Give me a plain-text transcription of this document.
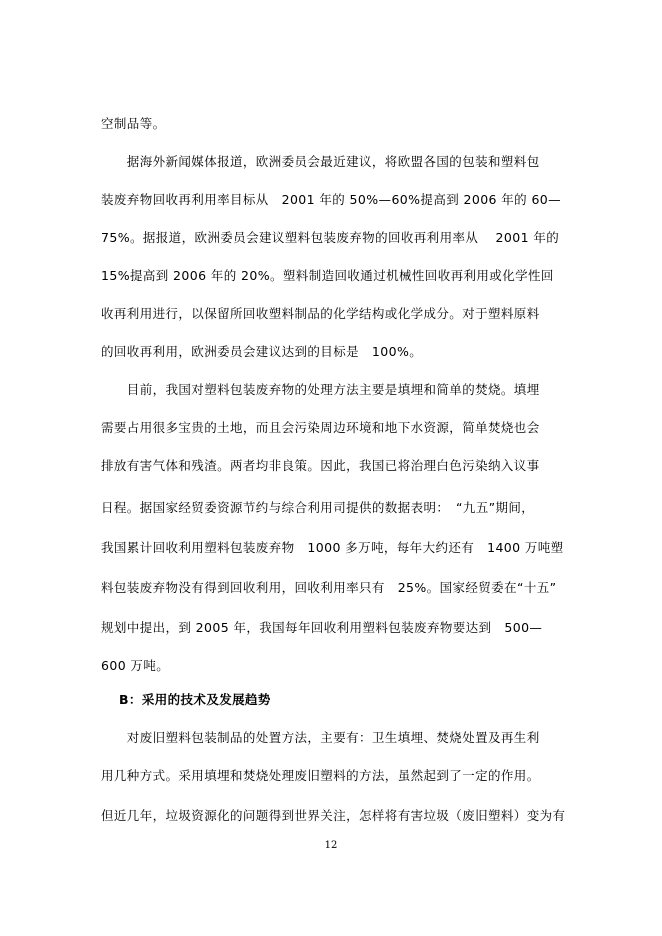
空制品等。
　　据海外新闻媒体报道，欧洲委员会最近建议，将欧盟各国的包装和塑料包
装废弃物回收再利用率目标从　2001 年的 50%—60%提高到 2006 年的 60—
75%。据报道，欧洲委员会建议塑料包装废弃物的回收再利用率从　 2001 年的
15%提高到 2006 年的 20%。塑料制造回收通过机械性回收再利用或化学性回
收再利用进行，以保留所回收塑料制品的化学结构或化学成分。对于塑料原料
的回收再利用，欧洲委员会建议达到的目标是　100%。
　　目前，我国对塑料包装废弃物的处理方法主要是填埋和简单的焚烧。填埋
需要占用很多宝贵的土地，而且会污染周边环境和地下水资源，简单焚烧也会
排放有害气体和残渣。两者均非良策。因此，我国已将治理白色污染纳入议事
日程。据国家经贸委资源节约与综合利用司提供的数据表明：　“九五”期间，
我国累计回收利用塑料包装废弃物　1000 多万吨，每年大约还有　1400 万吨塑
料包装废弃物没有得到回收利用，回收利用率只有　25%。国家经贸委在“十五”
规划中提出，到 2005 年，我国每年回收利用塑料包装废弃物要达到　500—
600 万吨。
B：采用的技术及发展趋势
　　对废旧塑料包装制品的处置方法，主要有：卫生填埋、焚烧处置及再生利
用几种方式。采用填埋和焚烧处理废旧塑料的方法，虽然起到了一定的作用。
但近几年，垃圾资源化的问题得到世界关注，怎样将有害垃圾（废旧塑料）变为有
12
